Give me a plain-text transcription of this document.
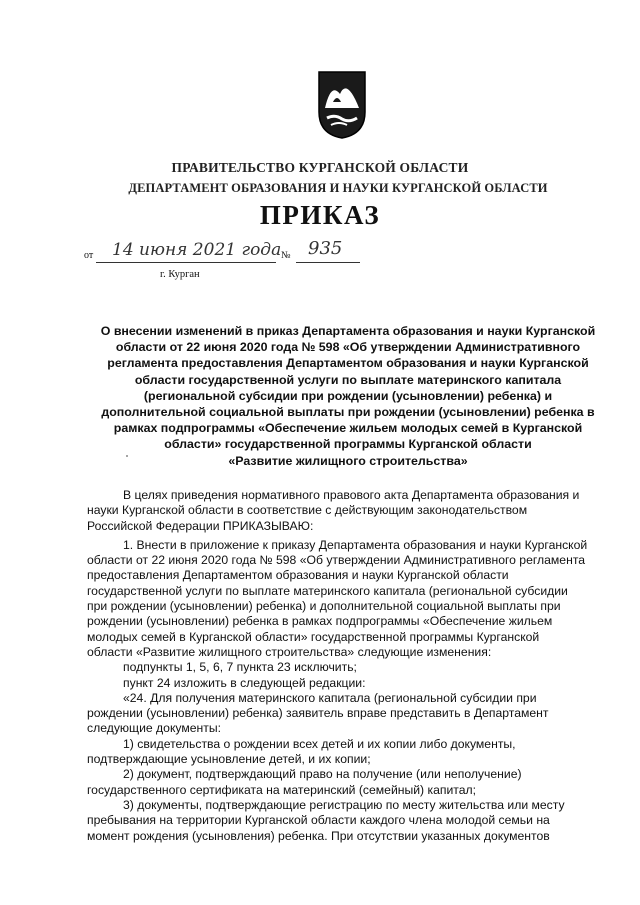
ПРАВИТЕЛЬСТВО КУРГАНСКОЙ ОБЛАСТИ
ДЕПАРТАМЕНТ ОБРАЗОВАНИЯ И НАУКИ КУРГАНСКОЙ ОБЛАСТИ
ПРИКАЗ
от 14 июня 2021 года № 935
г. Курган
О внесении изменений в приказ Департамента образования и науки Курганской
области от 22 июня 2020 года № 598 «Об утверждении Административного
регламента предоставления Департаментом образования и науки Курганской
области государственной услуги по выплате материнского капитала
(региональной субсидии при рождении (усыновлении) ребенка) и
дополнительной социальной выплаты при рождении (усыновлении) ребенка в
рамках подпрограммы «Обеспечение жильем молодых семей в Курганской
области» государственной программы Курганской области
«Развитие жилищного строительства»
В целях приведения нормативного правового акта Департамента образования и
науки Курганской области в соответствие с действующим законодательством
Российской Федерации ПРИКАЗЫВАЮ:
1. Внести в приложение к приказу Департамента образования и науки Курганской
области от 22 июня 2020 года № 598 «Об утверждении Административного регламента
предоставления Департаментом образования и науки Курганской области
государственной услуги по выплате материнского капитала (региональной субсидии
при рождении (усыновлении) ребенка) и дополнительной социальной выплаты при
рождении (усыновлении) ребенка в рамках подпрограммы «Обеспечение жильем
молодых семей в Курганской области» государственной программы Курганской
области «Развитие жилищного строительства» следующие изменения:
подпункты 1, 5, 6, 7 пункта 23 исключить;
пункт 24 изложить в следующей редакции:
«24. Для получения материнского капитала (региональной субсидии при
рождении (усыновлении) ребенка) заявитель вправе представить в Департамент
следующие документы:
1) свидетельства о рождении всех детей и их копии либо документы,
подтверждающие усыновление детей, и их копии;
2) документ, подтверждающий право на получение (или неполучение)
государственного сертификата на материнский (семейный) капитал;
3) документы, подтверждающие регистрацию по месту жительства или месту
пребывания на территории Курганской области каждого члена молодой семьи на
момент рождения (усыновления) ребенка. При отсутствии указанных документов
